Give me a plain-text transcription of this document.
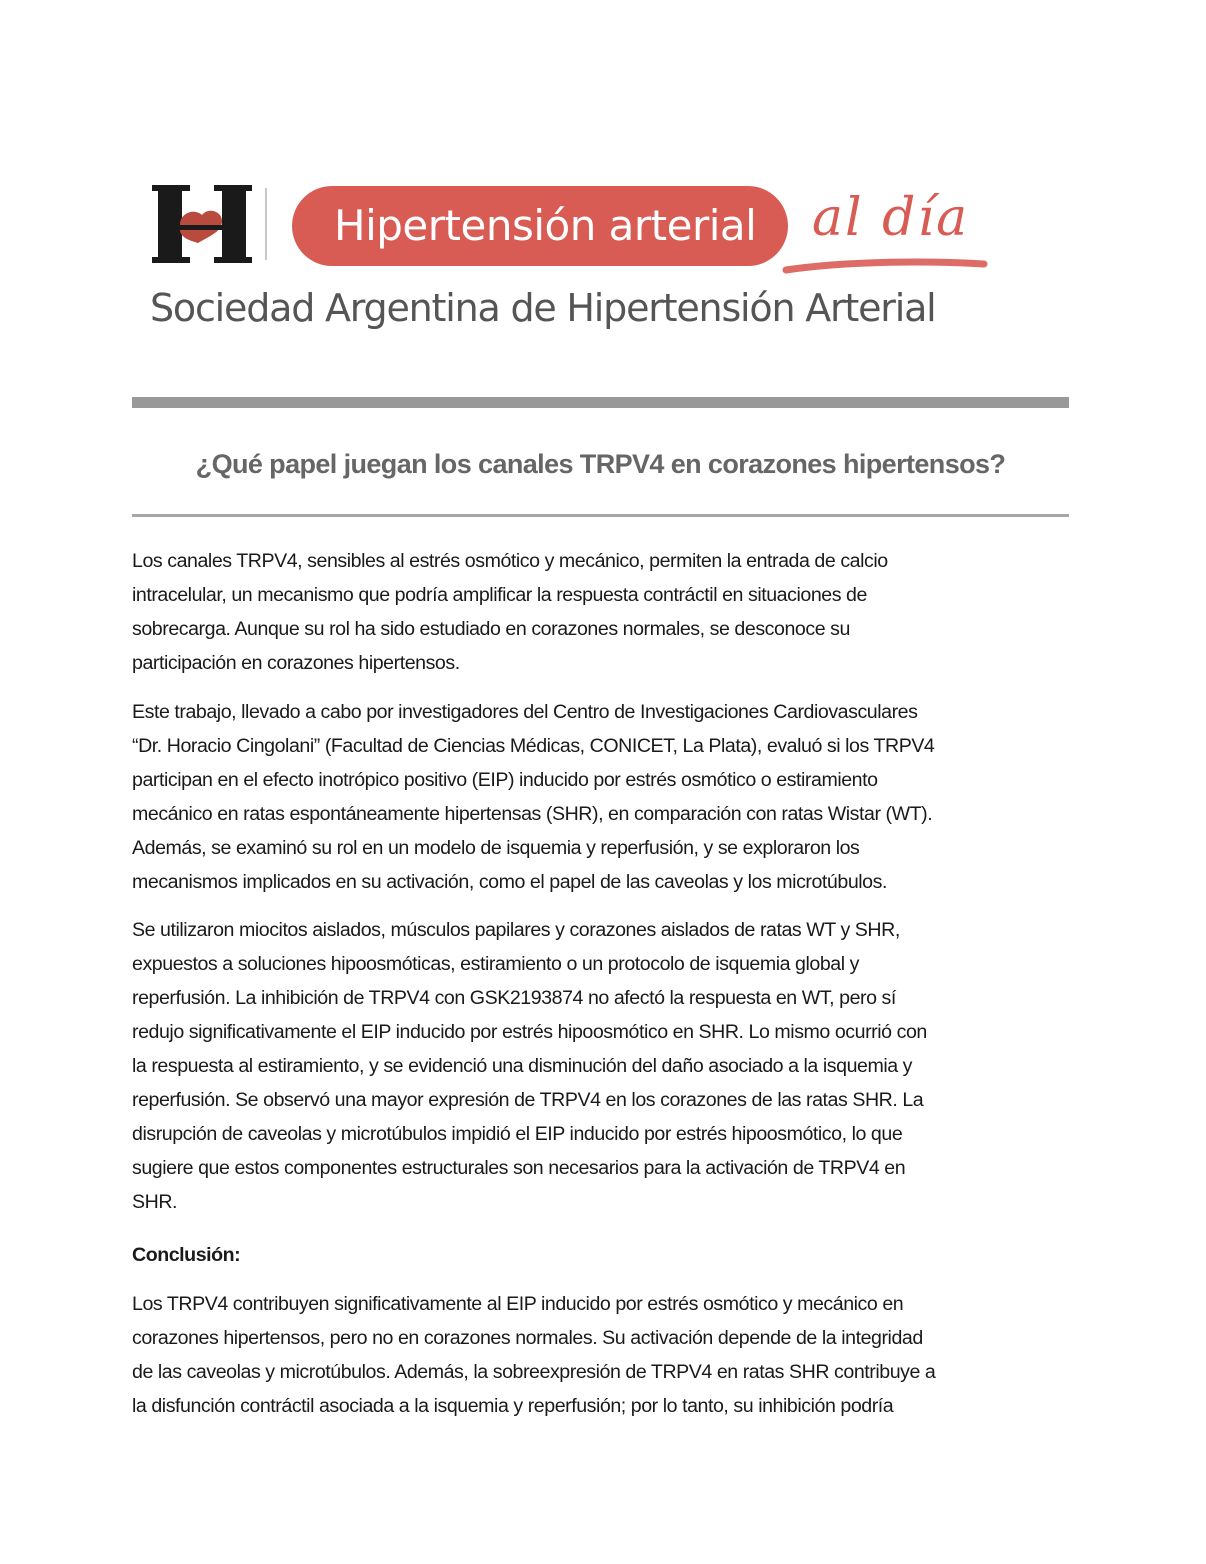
Hipertensión arterial	al día
Sociedad Argentina de Hipertensión Arterial
¿Qué papel juegan los canales TRPV4 en corazones hipertensos?
Los canales TRPV4, sensibles al estrés osmótico y mecánico, permiten la entrada de calcio
intracelular, un mecanismo que podría amplificar la respuesta contráctil en situaciones de
sobrecarga. Aunque su rol ha sido estudiado en corazones normales, se desconoce su
participación en corazones hipertensos.
Este trabajo, llevado a cabo por investigadores del Centro de Investigaciones Cardiovasculares
“Dr. Horacio Cingolani” (Facultad de Ciencias Médicas, CONICET, La Plata), evaluó si los TRPV4
participan en el efecto inotrópico positivo (EIP) inducido por estrés osmótico o estiramiento
mecánico en ratas espontáneamente hipertensas (SHR), en comparación con ratas Wistar (WT).
Además, se examinó su rol en un modelo de isquemia y reperfusión, y se exploraron los
mecanismos implicados en su activación, como el papel de las caveolas y los microtúbulos.
Se utilizaron miocitos aislados, músculos papilares y corazones aislados de ratas WT y SHR,
expuestos a soluciones hipoosmóticas, estiramiento o un protocolo de isquemia global y
reperfusión. La inhibición de TRPV4 con GSK2193874 no afectó la respuesta en WT, pero sí
redujo significativamente el EIP inducido por estrés hipoosmótico en SHR. Lo mismo ocurrió con
la respuesta al estiramiento, y se evidenció una disminución del daño asociado a la isquemia y
reperfusión. Se observó una mayor expresión de TRPV4 en los corazones de las ratas SHR. La
disrupción de caveolas y microtúbulos impidió el EIP inducido por estrés hipoosmótico, lo que
sugiere que estos componentes estructurales son necesarios para la activación de TRPV4 en
SHR.
Conclusión:
Los TRPV4 contribuyen significativamente al EIP inducido por estrés osmótico y mecánico en
corazones hipertensos, pero no en corazones normales. Su activación depende de la integridad
de las caveolas y microtúbulos. Además, la sobreexpresión de TRPV4 en ratas SHR contribuye a
la disfunción contráctil asociada a la isquemia y reperfusión; por lo tanto, su inhibición podría
